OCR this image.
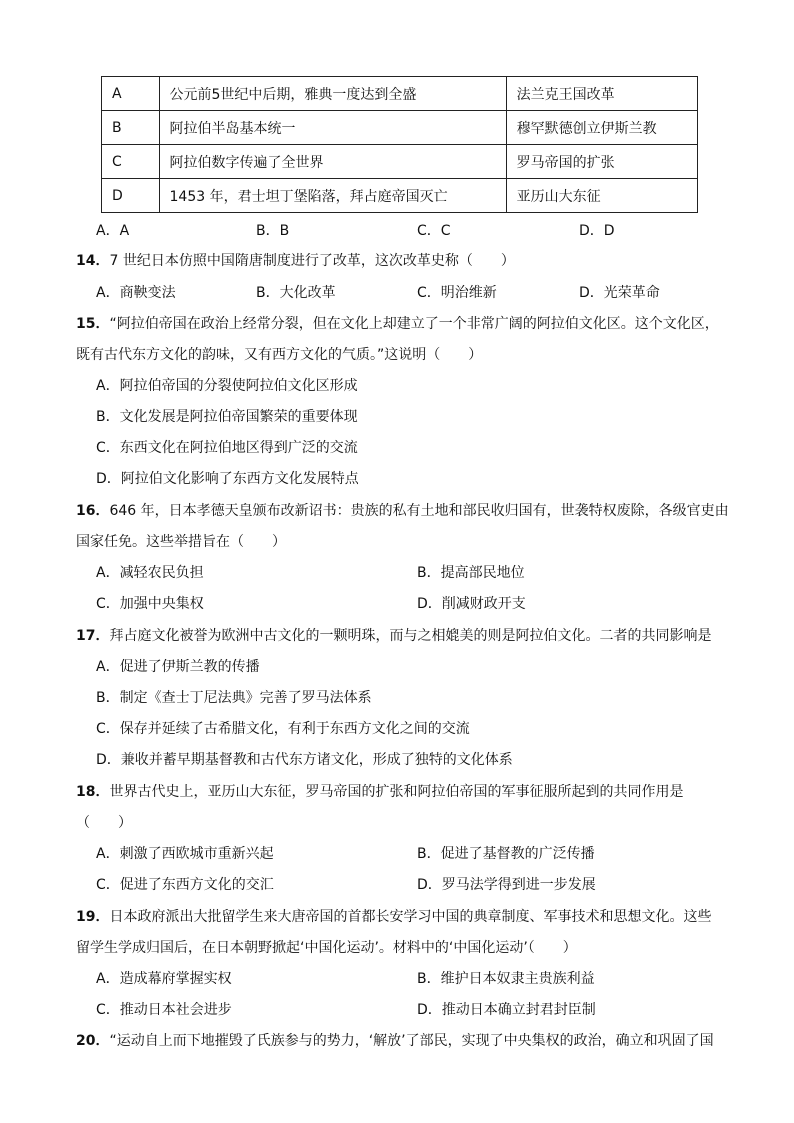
A	公元前5世纪中后期，雅典一度达到全盛	法兰克王国改革
B	阿拉伯半岛基本统一	穆罕默德创立伊斯兰教
C	阿拉伯数字传遍了全世界	罗马帝国的扩张
D	1453 年，君士坦丁堡陷落，拜占庭帝国灭亡	亚历山大东征
A．A	B．B	C．C	D．D
14．7 世纪日本仿照中国隋唐制度进行了改革，这次改革史称（　　）
A．商鞅变法	B．大化改革	C．明治维新	D．光荣革命
15．“阿拉伯帝国在政治上经常分裂，但在文化上却建立了一个非常广阔的阿拉伯文化区。这个文化区，
既有古代东方文化的韵味，又有西方文化的气质。”这说明（　　）
A．阿拉伯帝国的分裂使阿拉伯文化区形成
B．文化发展是阿拉伯帝国繁荣的重要体现
C．东西文化在阿拉伯地区得到广泛的交流
D．阿拉伯文化影响了东西方文化发展特点
16．646 年，日本孝德天皇颁布改新诏书：贵族的私有土地和部民收归国有，世袭特权废除，各级官吏由
国家任免。这些举措旨在（　　）
A．减轻农民负担	B．提高部民地位
C．加强中央集权	D．削减财政开支
17．拜占庭文化被誉为欧洲中古文化的一颗明珠，而与之相媲美的则是阿拉伯文化。二者的共同影响是
A．促进了伊斯兰教的传播
B．制定《查士丁尼法典》完善了罗马法体系
C．保存并延续了古希腊文化，有利于东西方文化之间的交流
D．兼收并蓄早期基督教和古代东方诸文化，形成了独特的文化体系
18．世界古代史上，亚历山大东征，罗马帝国的扩张和阿拉伯帝国的军事征服所起到的共同作用是
（　　）
A．刺激了西欧城市重新兴起	B．促进了基督教的广泛传播
C．促进了东西方文化的交汇	D．罗马法学得到进一步发展
19．日本政府派出大批留学生来大唐帝国的首都长安学习中国的典章制度、军事技术和思想文化。这些
留学生学成归国后，在日本朝野掀起‘中国化运动’。材料中的‘中国化运动’（　　）
A．造成幕府掌握实权	B．维护日本奴隶主贵族利益
C．推动日本社会进步	D．推动日本确立封君封臣制
20．“运动自上而下地摧毁了氏族参与的势力，‘解放’了部民，实现了中央集权的政治，确立和巩固了国
